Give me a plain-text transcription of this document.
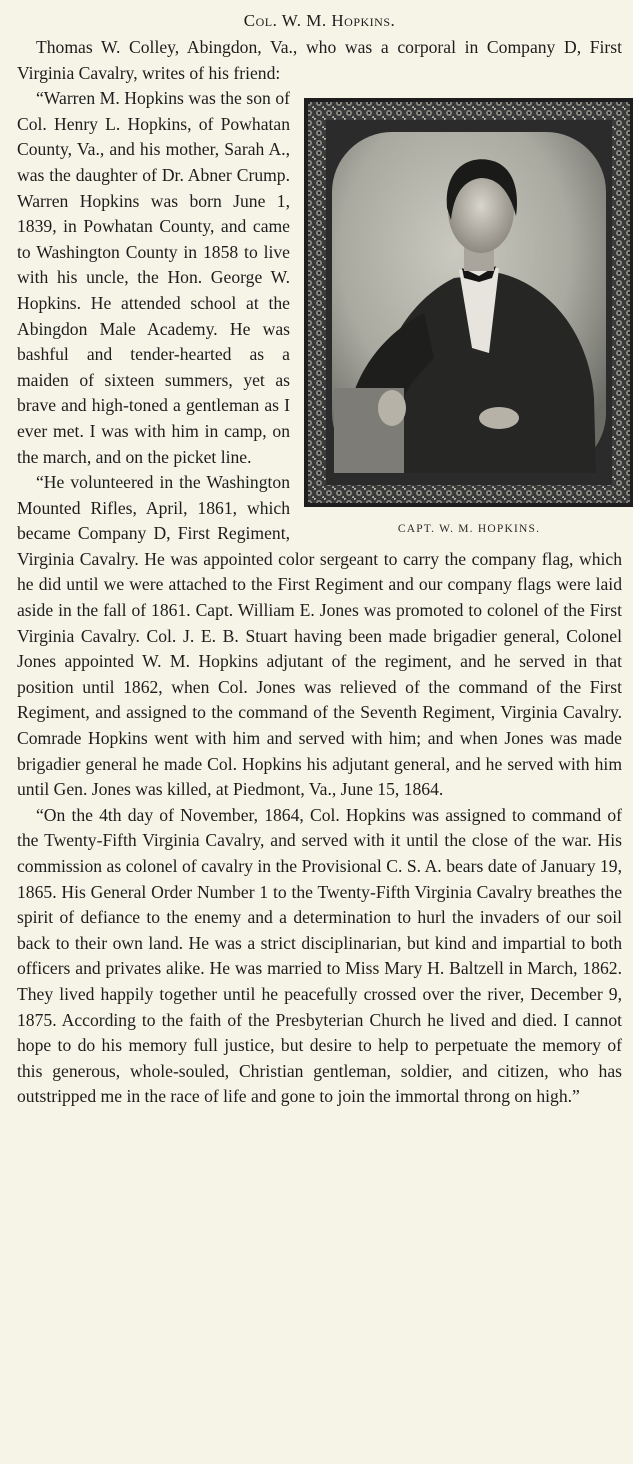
Col. W. M. Hopkins.

Thomas W. Colley, Abingdon, Va., who was a corporal in Company D, First Virginia Cavalry, writes of his friend:

CAPT. W. M. HOPKINS.

“Warren M. Hopkins was the son of Col. Henry L. Hopkins, of Powhatan County, Va., and his mother, Sarah A., was the daughter of Dr. Abner Crump. Warren Hopkins was born June 1, 1839, in Powhatan County, and came to Washington County in 1858 to live with his uncle, the Hon. George W. Hopkins. He attended school at the Abingdon Male Academy. He was bashful and tender-hearted as a maiden of sixteen summers, yet as brave and high-toned a gentleman as I ever met. I was with him in camp, on the march, and on the picket line.

“He volunteered in the Washington Mounted Rifles, April, 1861, which became Company D, First Regiment, Virginia Cavalry. He was appointed color sergeant to carry the company flag, which he did until we were attached to the First Regiment and our company flags were laid aside in the fall of 1861. Capt. William E. Jones was promoted to colonel of the First Virginia Cavalry. Col. J. E. B. Stuart having been made brigadier general, Colonel Jones appointed W. M. Hopkins adjutant of the regiment, and he served in that position until 1862, when Col. Jones was relieved of the command of the First Regiment, and assigned to the command of the Seventh Regiment, Virginia Cavalry. Comrade Hopkins went with him and served with him; and when Jones was made brigadier general he made Col. Hopkins his adjutant general, and he served with him until Gen. Jones was killed, at Piedmont, Va., June 15, 1864.

“On the 4th day of November, 1864, Col. Hopkins was assigned to command of the Twenty-Fifth Virginia Cavalry, and served with it until the close of the war. His commission as colonel of cavalry in the Provisional C. S. A. bears date of January 19, 1865. His General Order Number 1 to the Twenty-Fifth Virginia Cavalry breathes the spirit of defiance to the enemy and a determination to hurl the invaders of our soil back to their own land. He was a strict disciplinarian, but kind and impartial to both officers and privates alike. He was married to Miss Mary H. Baltzell in March, 1862. They lived happily together until he peacefully crossed over the river, December 9, 1875. According to the faith of the Presbyterian Church he lived and died. I cannot hope to do his memory full justice, but desire to help to perpetuate the memory of this generous, whole-souled, Christian gentleman, soldier, and citizen, who has outstripped me in the race of life and gone to join the immortal throng on high.”
